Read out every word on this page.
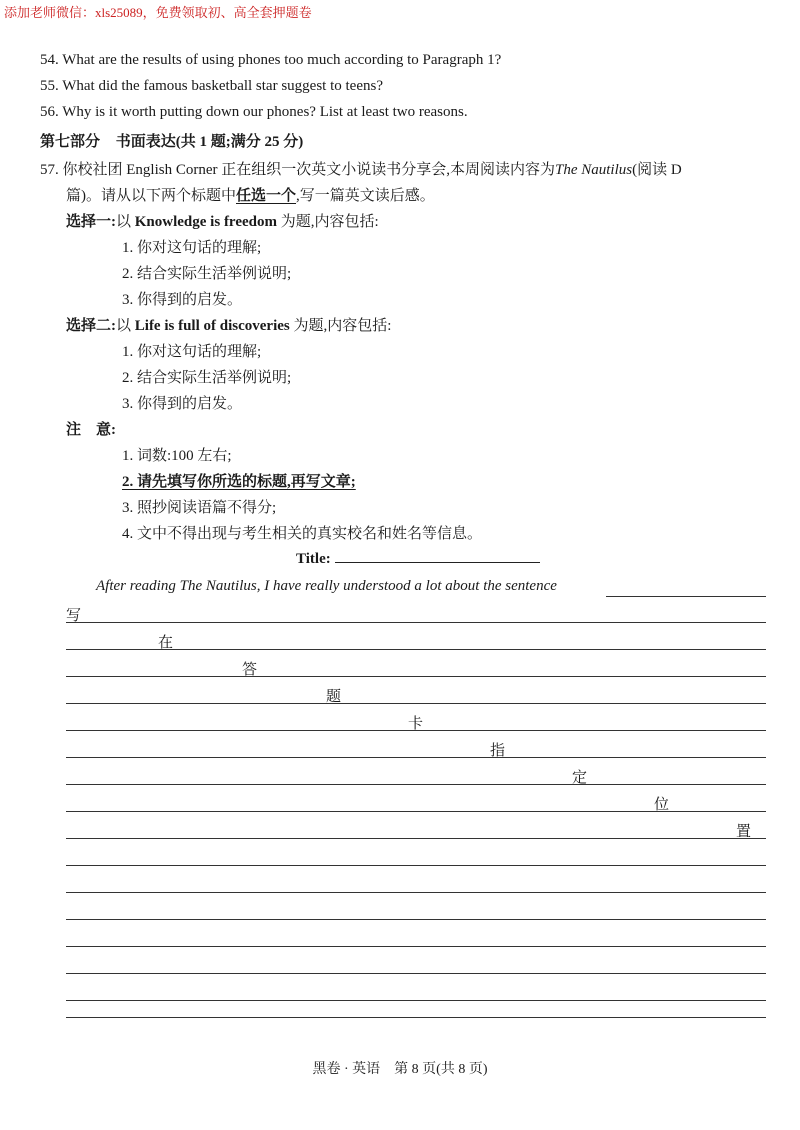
添加老师微信：xls25089，免费领取初、高全套押题卷
54. What are the results of using phones too much according to Paragraph 1?
55. What did the famous basketball star suggest to teens?
56. Why is it worth putting down our phones? List at least two reasons.
第七部分 书面表达(共 1 题;满分 25 分)
57. 你校社团 English Corner 正在组织一次英文小说读书分享会,本周阅读内容为The Nautilus(阅读 D
篇)。请从以下两个标题中任选一个,写一篇英文读后感。
选择一:以 Knowledge is freedom 为题,内容包括:
1. 你对这句话的理解;
2. 结合实际生活举例说明;
3. 你得到的启发。
选择二:以 Life is full of discoveries 为题,内容包括:
1. 你对这句话的理解;
2. 结合实际生活举例说明;
3. 你得到的启发。
注　意:
1. 词数:100 左右;
2. 请先填写你所选的标题,再写文章;
3. 照抄阅读语篇不得分;
4. 文中不得出现与考生相关的真实校名和姓名等信息。
Title:
After reading The Nautilus, I have really understood a lot about the sentence
写
在
答
题
卡
指
定
位
置
黑卷 · 英语　第 8 页(共 8 页)
